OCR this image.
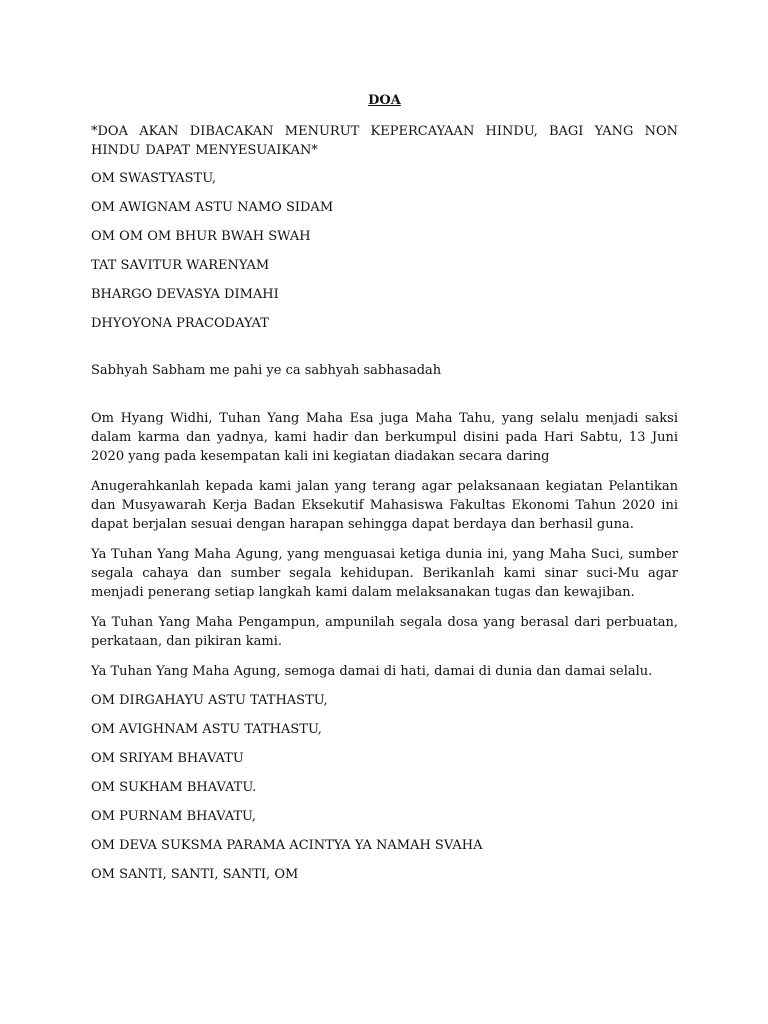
DOA
*DOA AKAN DIBACAKAN MENURUT KEPERCAYAAN HINDU, BAGI YANG NON HINDU DAPAT MENYESUAIKAN*
OM SWASTYASTU,
OM AWIGNAM ASTU NAMO SIDAM
OM OM OM BHUR BWAH SWAH
TAT SAVITUR WARENYAM
BHARGO DEVASYA DIMAHI
DHYOYONA PRACODAYAT
Sabhyah Sabham me pahi ye ca sabhyah sabhasadah
Om Hyang Widhi, Tuhan Yang Maha Esa juga Maha Tahu, yang selalu menjadi saksi dalam karma dan yadnya, kami hadir dan berkumpul disini pada Hari Sabtu, 13 Juni 2020 yang pada kesempatan kali ini kegiatan diadakan secara daring
Anugerahkanlah kepada kami jalan yang terang agar pelaksanaan kegiatan Pelantikan dan Musyawarah Kerja Badan Eksekutif Mahasiswa Fakultas Ekonomi Tahun 2020 ini dapat berjalan sesuai dengan harapan sehingga dapat berdaya dan berhasil guna.
Ya Tuhan Yang Maha Agung, yang menguasai ketiga dunia ini, yang Maha Suci, sumber segala cahaya dan sumber segala kehidupan. Berikanlah kami sinar suci-Mu agar menjadi penerang setiap langkah kami dalam melaksanakan tugas dan kewajiban.
Ya Tuhan Yang Maha Pengampun, ampunilah segala dosa yang berasal dari perbuatan, perkataan, dan pikiran kami.
Ya Tuhan Yang Maha Agung, semoga damai di hati, damai di dunia dan damai selalu.
OM DIRGAHAYU ASTU TATHASTU,
OM AVIGHNAM ASTU TATHASTU,
OM SRIYAM BHAVATU
OM SUKHAM BHAVATU.
OM PURNAM BHAVATU,
OM DEVA SUKSMA PARAMA ACINTYA YA NAMAH SVAHA
OM SANTI, SANTI, SANTI, OM
